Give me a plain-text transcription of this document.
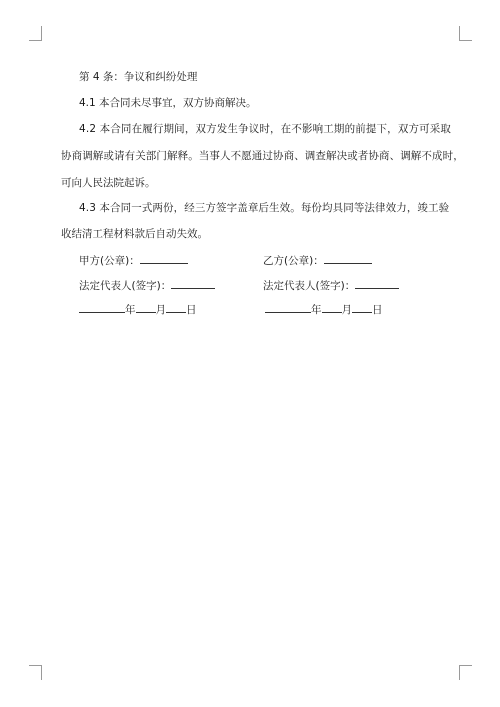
第 4 条：争议和纠纷处理
4.1 本合同未尽事宜，双方协商解决。
4.2 本合同在履行期间，双方发生争议时，在不影响工期的前提下，双方可采取
协商调解或请有关部门解释。当事人不愿通过协商、调查解决或者协商、调解不成时，
可向人民法院起诉。
4.3 本合同一式两份，经三方签字盖章后生效。每份均具同等法律效力，竣工验
收结清工程材料款后自动失效。
甲方(公章)：	乙方(公章)：
法定代表人(签字)：	法定代表人(签字)：
年 月 日	年 月 日
